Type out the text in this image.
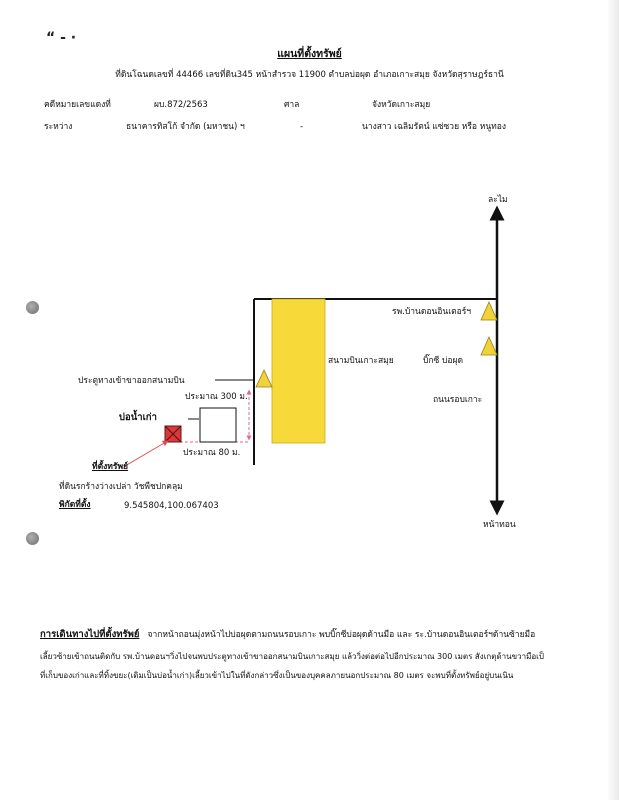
“ - ·
แผนที่ตั้งทรัพย์
ที่ดินโฉนดเลขที่ 44466 เลขที่ดิน345 หน้าสำรวจ 11900 ตำบลบ่อผุด อำเภอเกาะสมุย จังหวัดสุราษฎร์ธานี
คดีหมายเลขแดงที่	ผบ.872/2563	ศาล	จังหวัดเกาะสมุย
ระหว่าง	ธนาคารทิสโก้ จำกัด (มหาชน) ฯ	-	นางสาว เฉลิมรัตน์ แซ่ซวย หรือ หนูทอง
ละไม
หน้าทอน
รพ.บ้านดอนอินเตอร์ฯ
บิ๊กซี บ่อผุด
ถนนรอบเกาะ
สนามบินเกาะสมุย
ประตูทางเข้าขาออกสนามบิน
ประมาณ 300 ม.
บ่อน้ำเก่า
ประมาณ 80 ม.
ที่ตั้งทรัพย์
ที่ดินรกร้างว่างเปล่า วัชพืชปกคลุม
พิกัดที่ตั้ง	9.545804,100.067403
การเดินทางไปที่ตั้งทรัพย์ จากหน้าถอนมุ่งหน้าไปบ่อผุดตามถนนรอบเกาะ พบบิ๊กซีบ่อผุดด้านมือ และ ระ.บ้านดอนอินเตอร์ฯด้านซ้ายมือ
เลี้ยวซ้ายเข้าถนนติดกับ รพ.บ้านดอนฯวิ่งไปจนพบประตูทางเข้าขาออกสนามบินเกาะสมุย แล้ววิ่งต่อต่อไปอีกประมาณ 300 เมตร สังเกตุด้านขวามือเป็
ที่เก็บของเก่าและที่ทิ้งขยะ(เดิมเป็นบ่อน้ำเก่า)เลี้ยวเข้าไปในที่ดังกล่าวซึ่งเป็นของบุคคลภายนอกประมาณ 80 เมตร จะพบที่ตั้งทรัพย์อยู่บนเนิน
